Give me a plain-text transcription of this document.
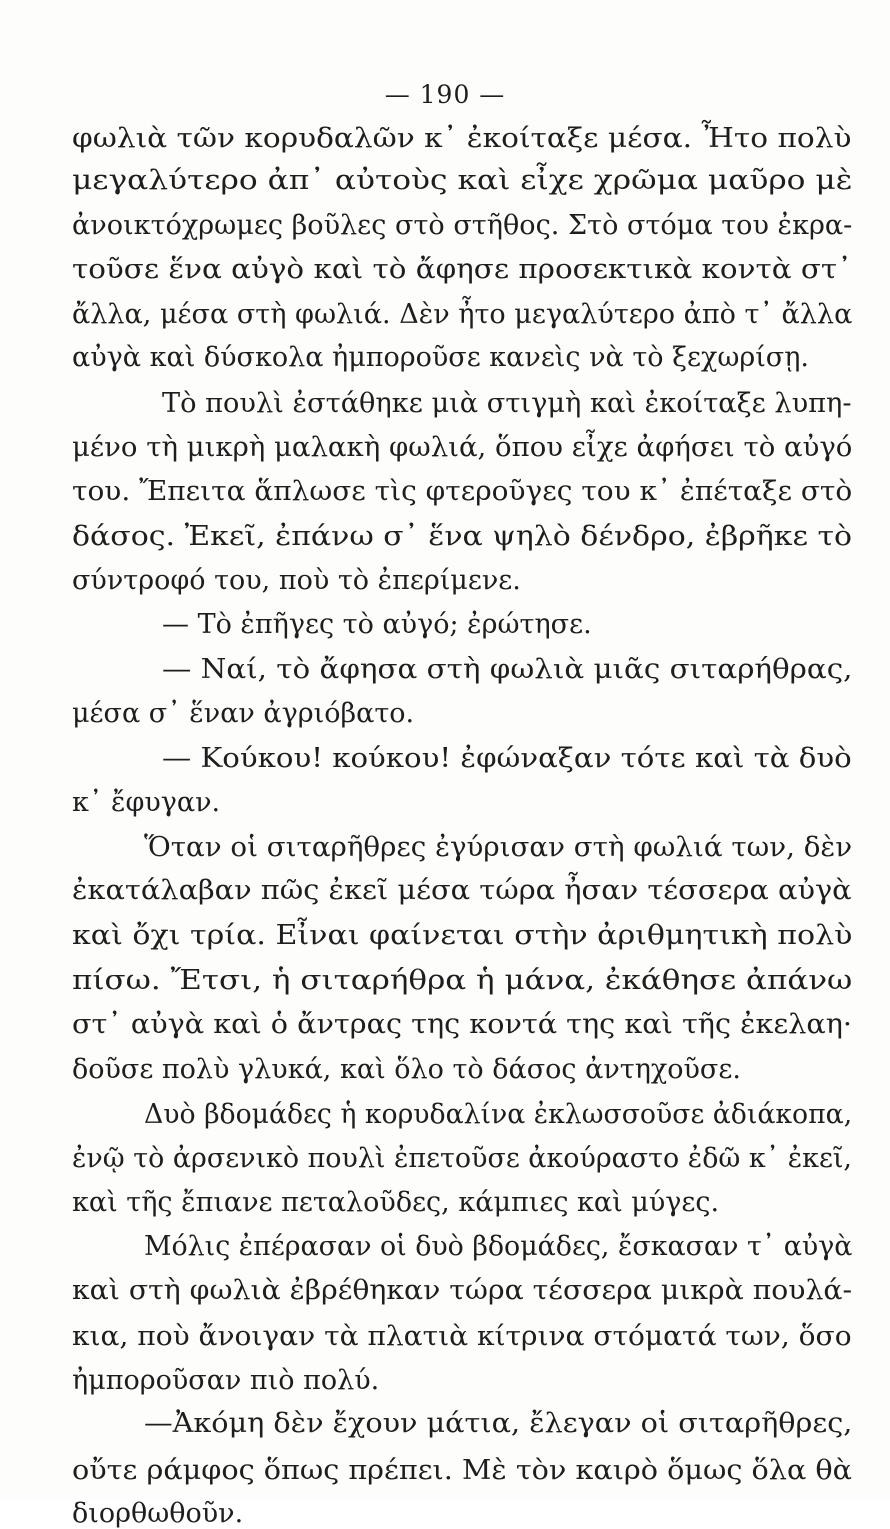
— 190 —
φωλιὰ τῶν κορυδαλῶν κ᾽ ἐκοίταξε μέσα. Ἦτο πολὺ
μεγαλύτερο ἀπ᾽ αὐτοὺς καὶ εἶχε χρῶμα μαῦρο μὲ
ἀνοικτόχρωμες βοῦλες στὸ στῆθος. Στὸ στόμα του ἐκρα-
τοῦσε ἕνα αὐγὸ καὶ τὸ ἄφησε προσεκτικὰ κοντὰ στ᾽
ἄλλα, μέσα στὴ φωλιά. Δὲν ἦτο μεγαλύτερο ἀπὸ τ᾽ ἄλλα
αὐγὰ καὶ δύσκολα ἠμποροῦσε κανεὶς νὰ τὸ ξεχωρίσῃ.
Τὸ πουλὶ ἐστάθηκε μιὰ στιγμὴ καὶ ἐκοίταξε λυπη-
μένο τὴ μικρὴ μαλακὴ φωλιά, ὅπου εἶχε ἀφήσει τὸ αὐγό
του. Ἔπειτα ἅπλωσε τὶς φτεροῦγες του κ᾽ ἐπέταξε στὸ
δάσος. Ἐκεῖ, ἐπάνω σ᾽ ἕνα ψηλὸ δένδρο, ἐβρῆκε τὸ
σύντροφό του, ποὺ τὸ ἐπερίμενε.
— Τὸ ἐπῆγες τὸ αὐγό; ἐρώτησε.
— Ναί, τὸ ἄφησα στὴ φωλιὰ μιᾶς σιταρήθρας,
μέσα σ᾽ ἕναν ἀγριόβατο.
— Κούκου! κούκου! ἐφώναξαν τότε καὶ τὰ δυὸ
κ᾽ ἔφυγαν.
Ὅταν οἱ σιταρῆθρες ἐγύρισαν στὴ φωλιά των, δὲν
ἐκατάλαβαν πῶς ἐκεῖ μέσα τώρα ἦσαν τέσσερα αὐγὰ
καὶ ὄχι τρία. Εἶναι φαίνεται στὴν ἀριθμητικὴ πολὺ
πίσω. Ἔτσι, ἡ σιταρήθρα ἡ μάνα, ἐκάθησε ἀπάνω
στ᾽ αὐγὰ καὶ ὁ ἄντρας της κοντά της καὶ τῆς ἐκελαη·
δοῦσε πολὺ γλυκά, καὶ ὅλο τὸ δάσος ἀντηχοῦσε.
Δυὸ βδομάδες ἡ κορυδαλίνα ἐκλωσσοῦσε ἀδιάκοπα,
ἐνῷ τὸ ἀρσενικὸ πουλὶ ἐπετοῦσε ἀκούραστο ἐδῶ κ᾽ ἐκεῖ,
καὶ τῆς ἔπιανε πεταλοῦδες, κάμπιες καὶ μύγες.
Μόλις ἐπέρασαν οἱ δυὸ βδομάδες, ἔσκασαν τ᾽ αὐγὰ
καὶ στὴ φωλιὰ ἐβρέθηκαν τώρα τέσσερα μικρὰ πουλά-
κια, ποὺ ἄνοιγαν τὰ πλατιὰ κίτρινα στόματά των, ὅσο
ἠμποροῦσαν πιὸ πολύ.
—Ἀκόμη δὲν ἔχουν μάτια, ἔλεγαν οἱ σιταρῆθρες,
οὔτε ράμφος ὅπως πρέπει. Μὲ τὸν καιρὸ ὅμως ὅλα θὰ
διορθωθοῦν.
